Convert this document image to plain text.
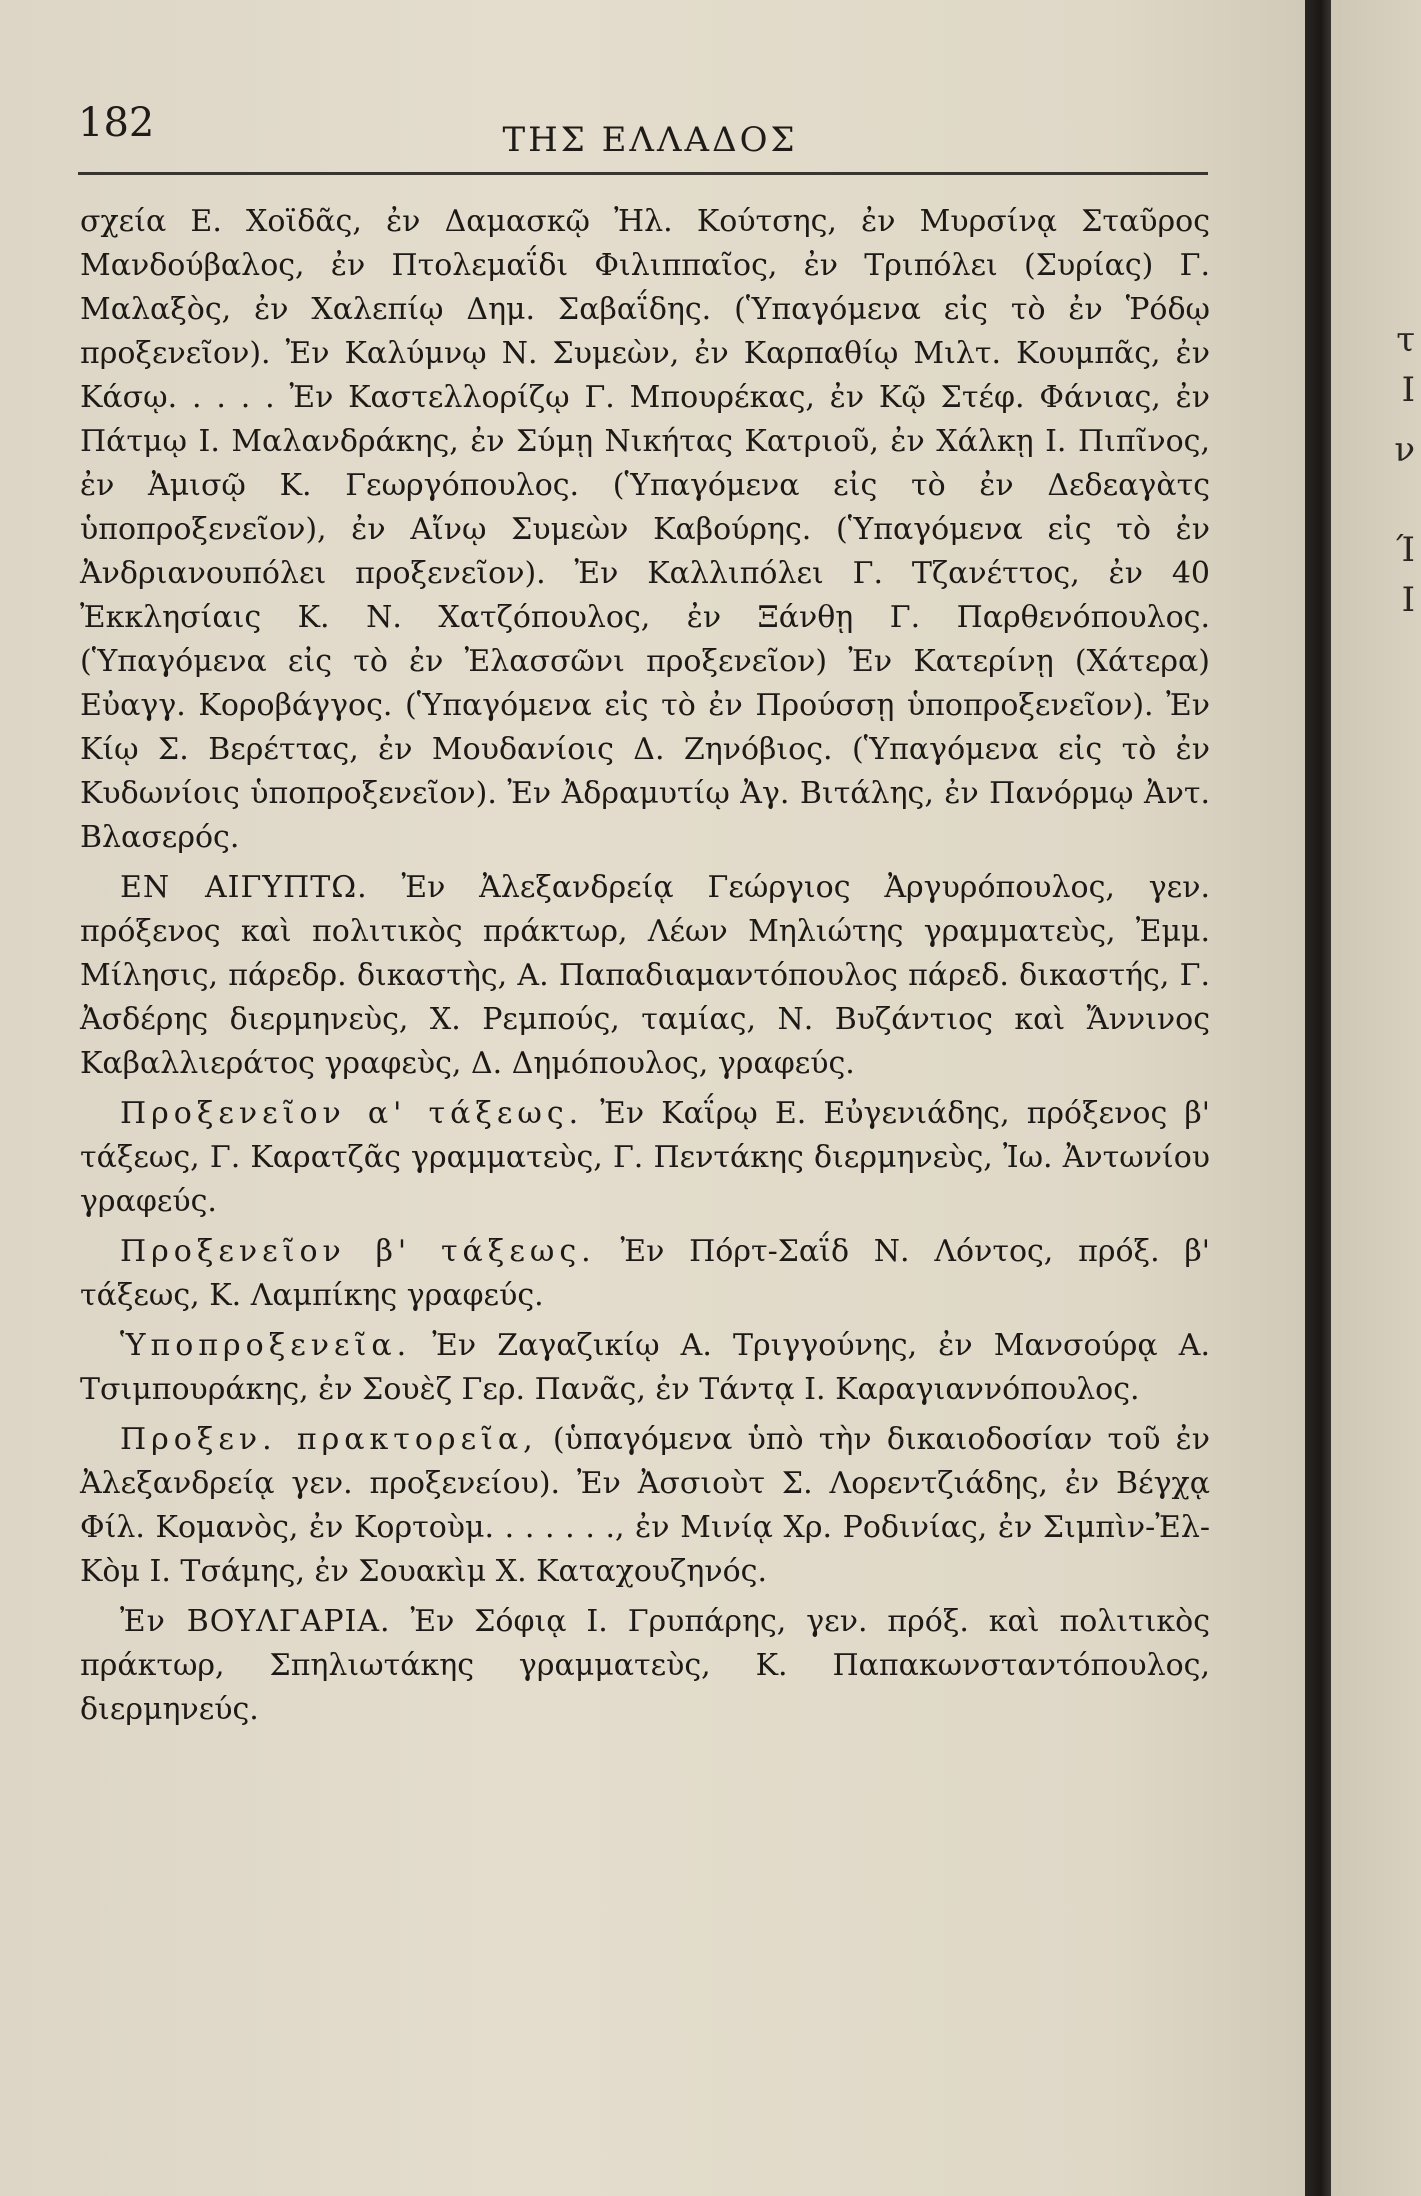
182	ΤΗΣ ΕΛΛΑΔΟΣ

σχεία Ε. Χοϊδᾶς, ἐν Δαμασκῷ Ἠλ. Κούτσης, ἐν Μυρσίνᾳ Σταῦρος Μανδούβαλος, ἐν Πτολεμαΐδι Φιλιππαῖος, ἐν Τριπόλει (Συρίας) Γ. Μαλαξὸς, ἐν Χαλεπίῳ Δημ. Σαβαΐδης. (Ὑπαγόμενα εἰς τὸ ἐν Ῥόδῳ προξενεῖον). Ἐν Καλύμνῳ Ν. Συμεὼν, ἐν Καρπαθίῳ Μιλτ. Κουμπᾶς, ἐν Κάσῳ. . . . . Ἐν Καστελλορίζῳ Γ. Μπουρέκας, ἐν Κῷ Στέφ. Φάνιας, ἐν Πάτμῳ Ι. Μαλανδράκης, ἐν Σύμῃ Νικήτας Κατριοῦ, ἐν Χάλκῃ Ι. Πιπῖνος, ἐν Ἀμισῷ Κ. Γεωργόπουλος. (Ὑπαγόμενα εἰς τὸ ἐν Δεδεαγὰτς ὑποπροξενεῖον), ἐν Αἴνῳ Συμεὼν Καβούρης. (Ὑπαγόμενα εἰς τὸ ἐν Ἀνδριανουπόλει προξενεῖον). Ἐν Καλλιπόλει Γ. Τζανέττος, ἐν 40 Ἐκκλησίαις Κ. Ν. Χατζόπουλος, ἐν Ξάνθῃ Γ. Παρθενόπουλος. (Ὑπαγόμενα εἰς τὸ ἐν Ἐλασσῶνι προξενεῖον) Ἐν Κατερίνῃ (Χάτερα) Εὐαγγ. Κοροβάγγος. (Ὑπαγόμενα εἰς τὸ ἐν Προύσσῃ ὑποπροξενεῖον). Ἐν Κίῳ Σ. Βερέττας, ἐν Μουδανίοις Δ. Ζηνόβιος. (Ὑπαγόμενα εἰς τὸ ἐν Κυδωνίοις ὑποπροξενεῖον). Ἐν Ἀδραμυτίῳ Ἀγ. Βιτάλης, ἐν Πανόρμῳ Ἀντ. Βλασερός.

ΕΝ ΑΙΓΥΠΤΩ. Ἐν Ἀλεξανδρείᾳ Γεώργιος Ἀργυρόπουλος, γεν. πρόξενος καὶ πολιτικὸς πράκτωρ, Λέων Μηλιώτης γραμματεὺς, Ἐμμ. Μίλησις, πάρεδρ. δικαστὴς, Α. Παπαδιαμαντόπουλος πάρεδ. δικαστής, Γ. Ἀσδέρης διερμηνεὺς, Χ. Ρεμπούς, ταμίας, Ν. Βυζάντιος καὶ Ἄννινος Καβαλλιεράτος γραφεὺς, Δ. Δημόπουλος, γραφεύς.

Προξενεῖον α' τάξεως. Ἐν Καΐρῳ Ε. Εὐγενιάδης, πρόξενος β' τάξεως, Γ. Καρατζᾶς γραμματεὺς, Γ. Πεντάκης διερμηνεὺς, Ἰω. Ἀντωνίου γραφεύς.

Προξενεῖον β' τάξεως. Ἐν Πόρτ-Σαΐδ Ν. Λόντος, πρόξ. β' τάξεως, Κ. Λαμπίκης γραφεύς.

Ὑποπροξενεῖα. Ἐν Ζαγαζικίῳ Α. Τριγγούνης, ἐν Μανσούρᾳ Α. Τσιμπουράκης, ἐν Σουὲζ Γερ. Πανᾶς, ἐν Τάντᾳ Ι. Καραγιαννόπουλος.

Προξεν. πρακτορεῖα, (ὑπαγόμενα ὑπὸ τὴν δικαιοδοσίαν τοῦ ἐν Ἀλεξανδρείᾳ γεν. προξενείου). Ἐν Ἀσσιοὺτ Σ. Λορεντζιάδης, ἐν Βέγχᾳ Φίλ. Κομανὸς, ἐν Κορτοὺμ. . . . . . ., ἐν Μινίᾳ Χρ. Ροδινίας, ἐν Σιμπὶν-Ἐλ-Κὸμ Ι. Τσάμης, ἐν Σουακὶμ Χ. Καταχουζηνός.

Ἐν ΒΟΥΛΓΑΡΙΑ. Ἐν Σόφιᾳ Ι. Γρυπάρης, γεν. πρόξ. καὶ πολιτικὸς πράκτωρ, Σπηλιωτάκης γραμματεὺς, Κ. Παπακωνσταντόπουλος, διερμηνεύς.

τ
Ι
ν
Ί
Ι
